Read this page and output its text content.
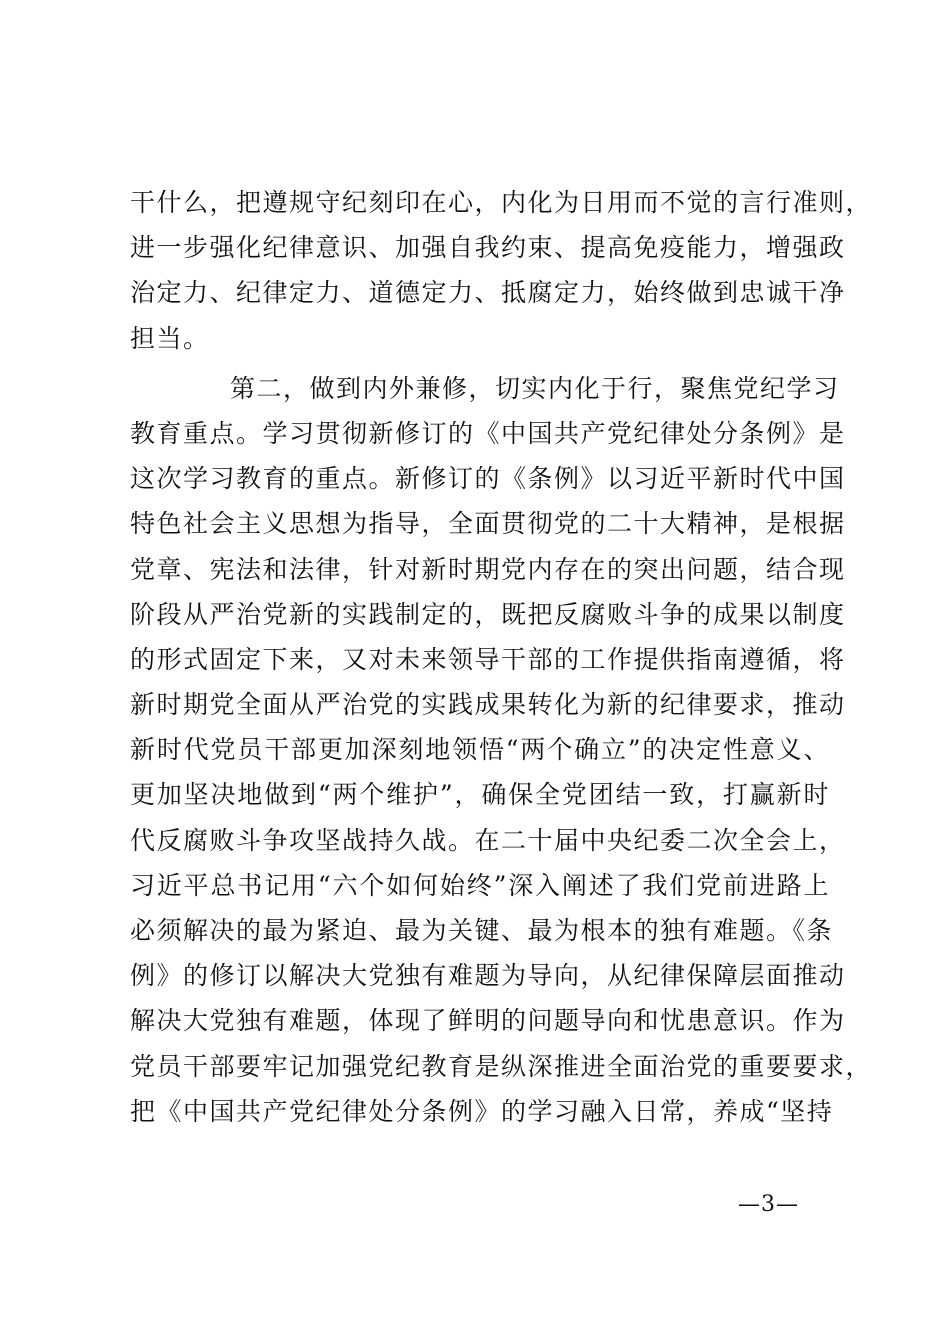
干什么，把遵规守纪刻印在心，内化为日用而不觉的言行准则，
进一步强化纪律意识、加强自我约束、提高免疫能力，增强政
治定力、纪律定力、道德定力、抵腐定力，始终做到忠诚干净
担当。
第二，做到内外兼修，切实内化于行，聚焦党纪学习
教育重点。学习贯彻新修订的《中国共产党纪律处分条例》是
这次学习教育的重点。新修订的《条例》以习近平新时代中国
特色社会主义思想为指导，全面贯彻党的二十大精神，是根据
党章、宪法和法律，针对新时期党内存在的突出问题，结合现
阶段从严治党新的实践制定的，既把反腐败斗争的成果以制度
的形式固定下来，又对未来领导干部的工作提供指南遵循，将
新时期党全面从严治党的实践成果转化为新的纪律要求，推动
新时代党员干部更加深刻地领悟“两个确立”的决定性意义、
更加坚决地做到“两个维护”，确保全党团结一致，打赢新时
代反腐败斗争攻坚战持久战。在二十届中央纪委二次全会上，
习近平总书记用“六个如何始终”深入阐述了我们党前进路上
必须解决的最为紧迫、最为关键、最为根本的独有难题。《条
例》的修订以解决大党独有难题为导向，从纪律保障层面推动
解决大党独有难题，体现了鲜明的问题导向和忧患意识。作为
党员干部要牢记加强党纪教育是纵深推进全面治党的重要要求，
把《中国共产党纪律处分条例》的学习融入日常，养成“坚持
—3—
